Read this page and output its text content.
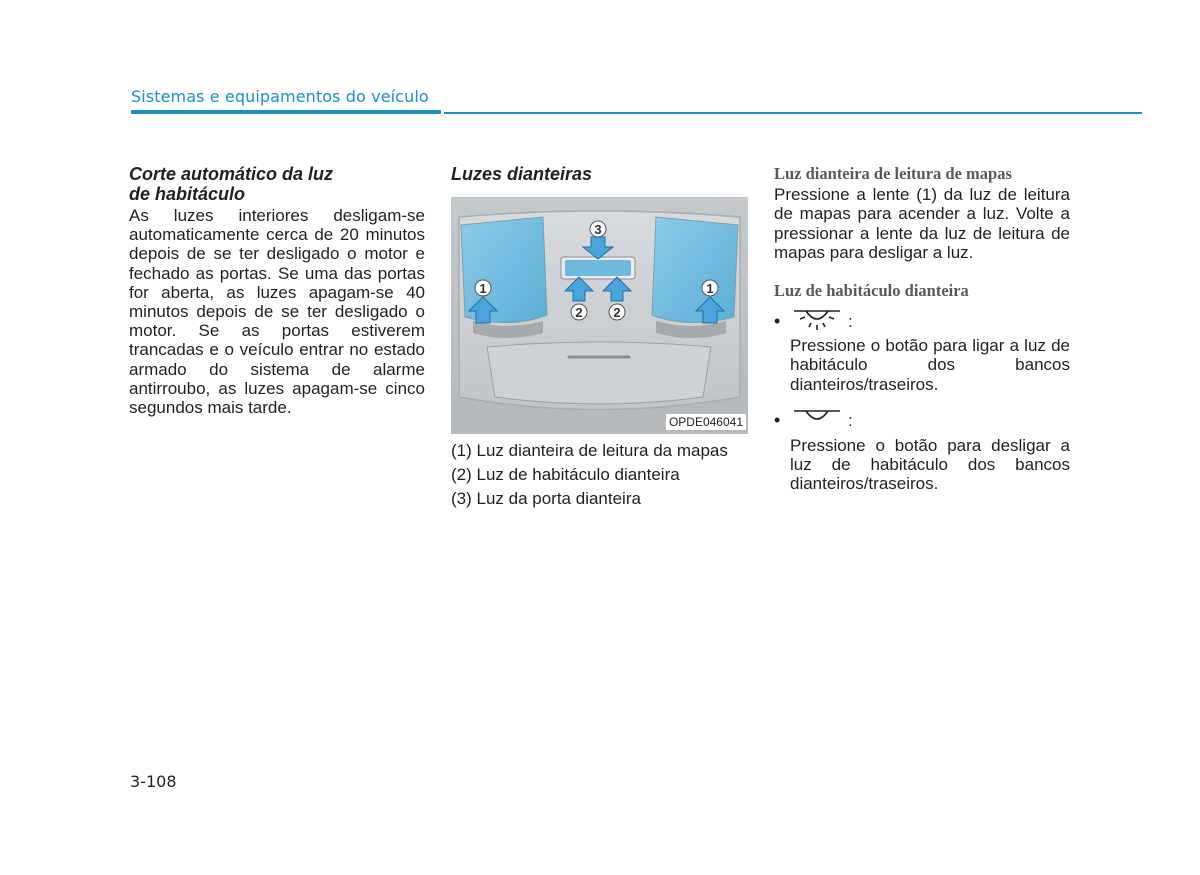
Sistemas e equipamentos do veículo

Corte automático da luz
de habitáculo

As luzes interiores desligam-se automaticamente cerca de 20 minutos depois de se ter desligado o motor e fechado as portas. Se uma das portas for aberta, as luzes apagam-se 40 minutos depois de se ter desligado o motor. Se as portas estiverem trancadas e o veículo entrar no estado armado do sistema de alarme antirroubo, as luzes apagam-se cinco segundos mais tarde.

Luzes dianteiras

3
2 2
1	1
OPDE046041
(1) Luz dianteira de leitura da mapas
(2) Luz de habitáculo dianteira
(3) Luz da porta dianteira

Luz dianteira de leitura de mapas

Pressione a lente (1) da luz de leitura de mapas para acender a luz. Volte a pressionar a lente da luz de leitura de mapas para desligar a luz.

Luz de habitáculo dianteira

•	:

Pressione o botão para ligar a luz de habitáculo dos bancos dianteiros/traseiros.

•	:

Pressione o botão para desligar a luz de habitáculo dos bancos dianteiros/traseiros.

3-108
